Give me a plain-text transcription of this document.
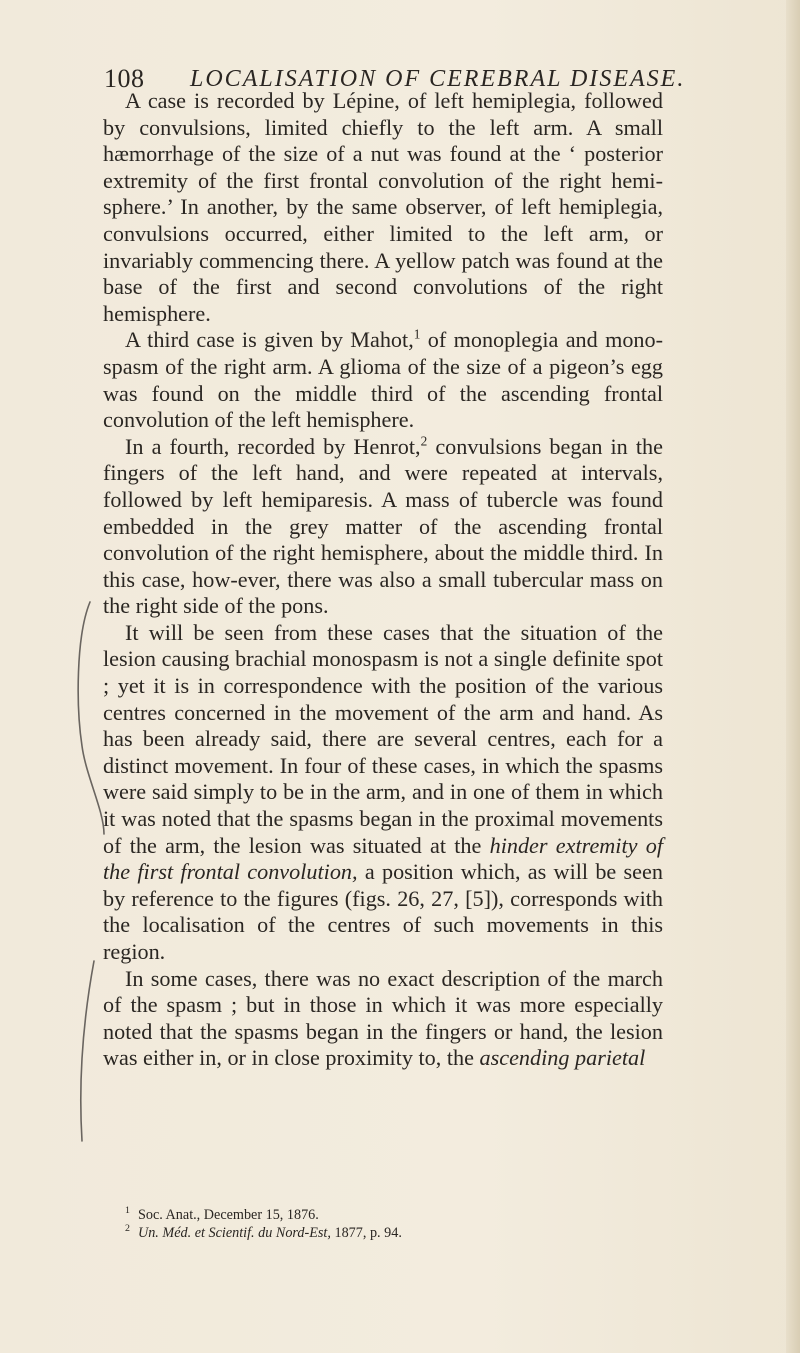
108 LOCALISATION OF CEREBRAL DISEASE.

A case is recorded by Lépine, of left hemiplegia, followed by convulsions, limited chiefly to the left arm. A small hæmorrhage of the size of a nut was found at the ‘ posterior extremity of the first frontal convolution of the right hemi-sphere.’ In another, by the same observer, of left hemiplegia, convulsions occurred, either limited to the left arm, or invariably commencing there. A yellow patch was found at the base of the first and second convolutions of the right hemisphere.

A third case is given by Mahot,$^1$ of monoplegia and mono-spasm of the right arm. A glioma of the size of a pigeon’s egg was found on the middle third of the ascending frontal convolution of the left hemisphere.

In a fourth, recorded by Henrot,$^2$ convulsions began in the fingers of the left hand, and were repeated at intervals, followed by left hemiparesis. A mass of tubercle was found embedded in the grey matter of the ascending frontal convolution of the right hemisphere, about the middle third. In this case, how-ever, there was also a small tubercular mass on the right side of the pons.

It will be seen from these cases that the situation of the lesion causing brachial monospasm is not a single definite spot ; yet it is in correspondence with the position of the various centres concerned in the movement of the arm and hand. As has been already said, there are several centres, each for a distinct movement. In four of these cases, in which the spasms were said simply to be in the arm, and in one of them in which it was noted that the spasms began in the proximal movements of the arm, the lesion was situated at the hinder extremity of the first frontal convolution, a position which, as will be seen by reference to the figures (figs. 26, 27, [5]), corresponds with the localisation of the centres of such movements in this region.

In some cases, there was no exact description of the march of the spasm ; but in those in which it was more especially noted that the spasms began in the fingers or hand, the lesion was either in, or in close proximity to, the ascending parietal

$^1$ Soc. Anat., December 15, 1876.

$^2$ Un. Méd. et Scientif. du Nord-Est, 1877, p. 94.
